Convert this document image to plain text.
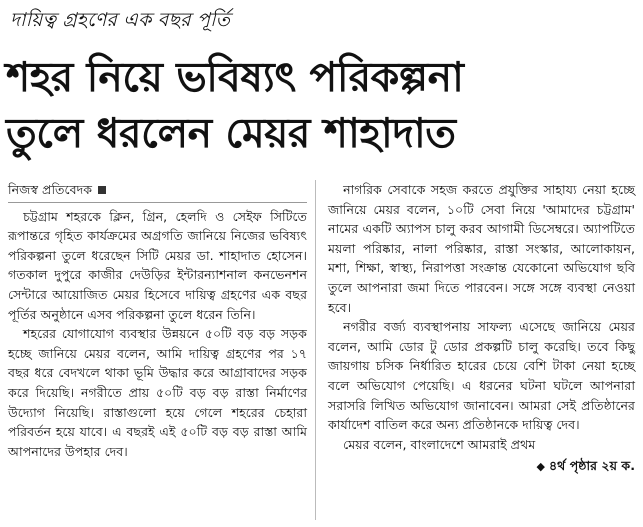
দায়িত্ব গ্রহণের এক বছর পূর্তি
শহর নিয়ে ভবিষ্যৎ পরিকল্পনা
তুলে ধরলেন মেয়র শাহাদাত
নিজস্ব প্রতিবেদক

চট্টগ্রাম শহরকে ক্লিন, গ্রিন, হেলদি ও সেইফ সিটিতে রূপান্তরে গৃহিত কার্যক্রমের অগ্রগতি জানিয়ে নিজের ভবিষ্যৎ পরিকল্পনা তুলে ধরেছেন সিটি মেয়র ডা. শাহাদাত হোসেন। গতকাল দুপুরে কাজীর দেউড়ির ইন্টারন্যাশনাল কনভেনশন সেন্টারে আয়োজিত মেয়র হিসেবে দায়িত্ব গ্রহণের এক বছর পূর্তির অনুষ্ঠানে এসব পরিকল্পনা তুলে ধরেন তিনি।

শহরের যোগাযোগ ব্যবস্থার উন্নয়নে ৫০টি বড় বড় সড়ক হচ্ছে জানিয়ে মেয়র বলেন, আমি দায়িত্ব গ্রহণের পর ১৭ বছর ধরে বেদখলে থাকা ভূমি উদ্ধার করে আগ্রাবাদের সড়ক করে দিয়েছি। নগরীতে প্রায় ৫০টি বড় বড় রাস্তা নির্মাণের উদ্যোগ নিয়েছি। রাস্তাগুলো হয়ে গেলে শহরের চেহারা পরিবর্তন হয়ে যাবে। এ বছরই এই ৫০টি বড় বড় রাস্তা আমি আপনাদের উপহার দেব।

নাগরিক সেবাকে সহজ করতে প্রযুক্তির সাহায্য নেয়া হচ্ছে জানিয়ে মেয়র বলেন, ১০টি সেবা নিয়ে 'আমাদের চট্টগ্রাম' নামের একটি অ্যাপস চালু করব আগামী ডিসেম্বরে। অ্যাপটিতে ময়লা পরিষ্কার, নালা পরিষ্কার, রাস্তা সংস্কার, আলোকায়ন, মশা, শিক্ষা, স্বাস্থ্য, নিরাপত্তা সংক্রান্ত যেকোনো অভিযোগ ছবি তুলে আপনারা জমা দিতে পারবেন। সঙ্গে সঙ্গে ব্যবস্থা নেওয়া হবে।

নগরীর বর্জ্য ব্যবস্থাপনায় সাফল্য এসেছে জানিয়ে মেয়র বলেন, আমি ডোর টু ডোর প্রকল্পটি চালু করেছি। তবে কিছু জায়গায় চসিক নির্ধারিত হারের চেয়ে বেশি টাকা নেয়া হচ্ছে বলে অভিযোগ পেয়েছি। এ ধরনের ঘটনা ঘটলে আপনারা সরাসরি লিখিত অভিযোগ জানাবেন। আমরা সেই প্রতিষ্ঠানের কার্যাদেশ বাতিল করে অন্য প্রতিষ্ঠানকে দায়িত্ব দেব।

মেয়র বলেন, বাংলাদেশে আমরাই প্রথম

◆ ৪র্থ পৃষ্ঠার ২য় ক.
